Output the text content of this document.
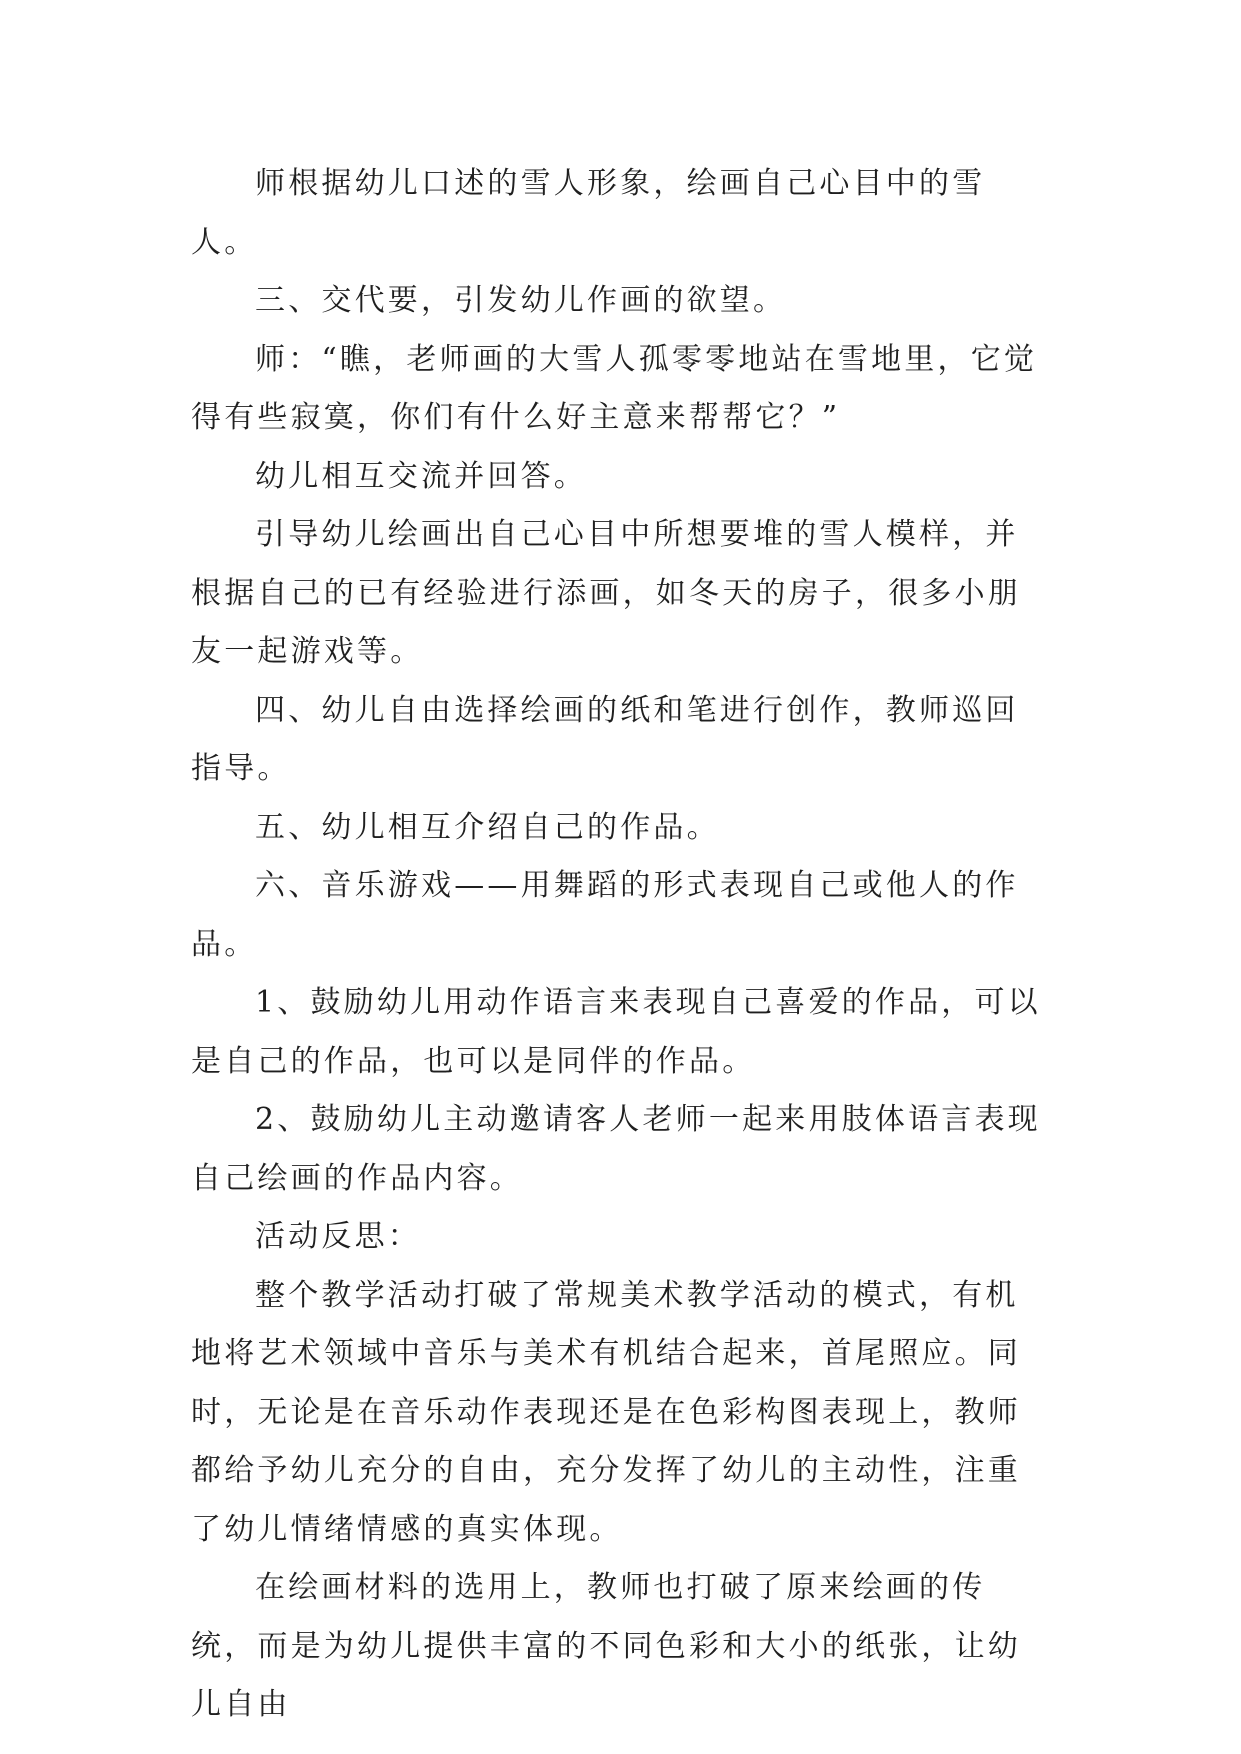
师根据幼儿口述的雪人形象，绘画自己心目中的雪人。

三、交代要，引发幼儿作画的欲望。

师：“瞧，老师画的大雪人孤零零地站在雪地里，它觉得有些寂寞，你们有什么好主意来帮帮它？”

幼儿相互交流并回答。

引导幼儿绘画出自己心目中所想要堆的雪人模样，并根据自己的已有经验进行添画，如冬天的房子，很多小朋友一起游戏等。

四、幼儿自由选择绘画的纸和笔进行创作，教师巡回指导。

五、幼儿相互介绍自己的作品。

六、音乐游戏——用舞蹈的形式表现自己或他人的作品。

1、鼓励幼儿用动作语言来表现自己喜爱的作品，可以是自己的作品，也可以是同伴的作品。

2、鼓励幼儿主动邀请客人老师一起来用肢体语言表现自己绘画的作品内容。

活动反思：

整个教学活动打破了常规美术教学活动的模式，有机地将艺术领域中音乐与美术有机结合起来，首尾照应。同时，无论是在音乐动作表现还是在色彩构图表现上，教师都给予幼儿充分的自由，充分发挥了幼儿的主动性，注重了幼儿情绪情感的真实体现。

在绘画材料的选用上，教师也打破了原来绘画的传统，而是为幼儿提供丰富的不同色彩和大小的纸张，让幼儿自由
